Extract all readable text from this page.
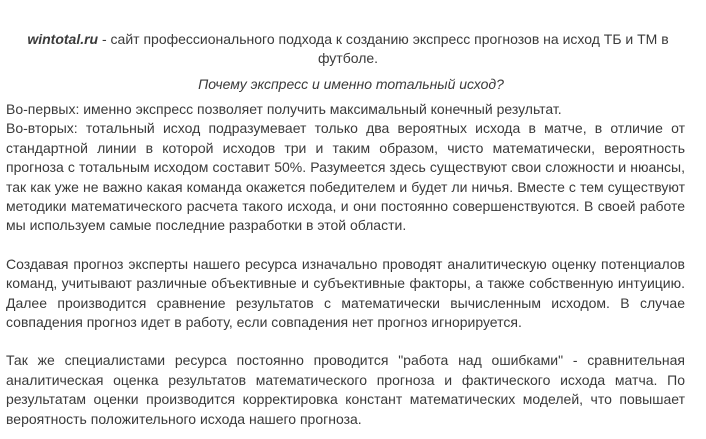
wintotal.ru - сайт профессионального подхода к созданию экспресс прогнозов на исход ТБ и ТМ в футболе.

Почему экспресс и именно тотальный исход?

Во-первых: именно экспресс позволяет получить максимальный конечный результат.

Во-вторых: тотальный исход подразумевает только два вероятных исхода в матче, в отличие от стандартной линии в которой исходов три и таким образом, чисто математически, вероятность прогноза с тотальным исходом составит 50%. Разумеется здесь существуют свои сложности и нюансы, так как уже не важно какая команда окажется победителем и будет ли ничья. Вместе с тем существуют методики математического расчета такого исхода, и они постоянно совершенствуются. В своей работе мы используем самые последние разработки в этой области.

Создавая прогноз эксперты нашего ресурса изначально проводят аналитическую оценку потенциалов команд, учитывают различные объективные и субъективные факторы, а также собственную интуицию. Далее производится сравнение результатов с математически вычисленным исходом. В случае совпадения прогноз идет в работу, если совпадения нет прогноз игнорируется.

Так же специалистами ресурса постоянно проводится "работа над ошибками" - сравнительная аналитическая оценка результатов математического прогноза и фактического исхода матча. По результатам оценки производится корректировка констант математических моделей, что повышает вероятность положительного исхода нашего прогноза.
